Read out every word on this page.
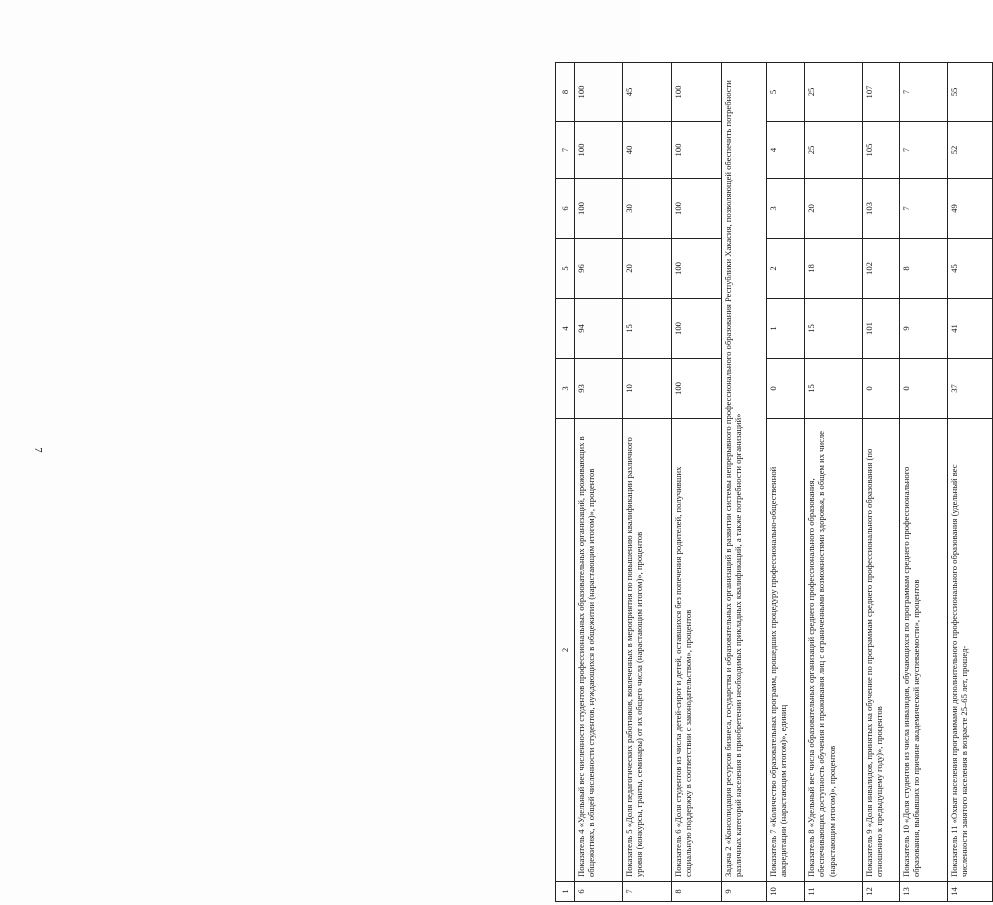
7
1	2	3	4	5	6	7	8
6	Показатель 4 «Удельный вес численности студентов профессиональных образовательных организаций, проживающих в общежитиях, в общей численности студентов, нуждающихся в общежитии (нарастающим итогом)», процентов	93	94	96	100	100	100
7	Показатель 5 «Доля педагогических работников, вовлеченных в мероприятия по повышению квалификации различного уровня (конкурсы, гранты, семинары) от их общего числа (нарастающим итогом)», процентов	10	15	20	30	40	45
8	Показатель 6 «Доля студентов из числа детей-сирот и детей, оставшихся без попечения родителей, получивших социальную поддержку в соответствии с законодательством», процентов	100	100	100	100	100	100
9	Задача 2 «Консолидация ресурсов бизнеса, государства и образовательных организаций в развитии системы непрерывного профессионального образования Республики Хакасия, позволяющей обеспечить потребности различных категорий населения в приобретении необходимых прикладных квалификаций, а также потребности организаций»						
10	Показатель 7 «Количество образовательных программ, прошедших процедуру профессионально-общественной аккредитации (нарастающим итогом)», единиц	0	1	2	3	4	5
11	Показатель 8 «Удельный вес числа образовательных организаций среднего профессионального образования, обеспечивающих доступность обучения и проживания лиц с ограниченными возможностями здоровья, в общем их числе (нарастающим итогом)», процентов	15	15	18	20	25	25
12	Показатель 9 «Доля инвалидов, принятых на обучение по программам среднего профессионального образования (по отношению к предыдущему году)», процентов	0	101	102	103	105	107
13	Показатель 10 «Доля студентов из числа инвалидов, обучающихся по программам среднего профессионального образования, выбывших по причине академической неуспеваемости», процентов	0	9	8	7	7	7
14	Показатель 11 «Охват населения программами дополнительного профессионального образования (удельный вес численности занятого населения в возрасте 25–65 лет, прошед-	37	41	45	49	52	55
